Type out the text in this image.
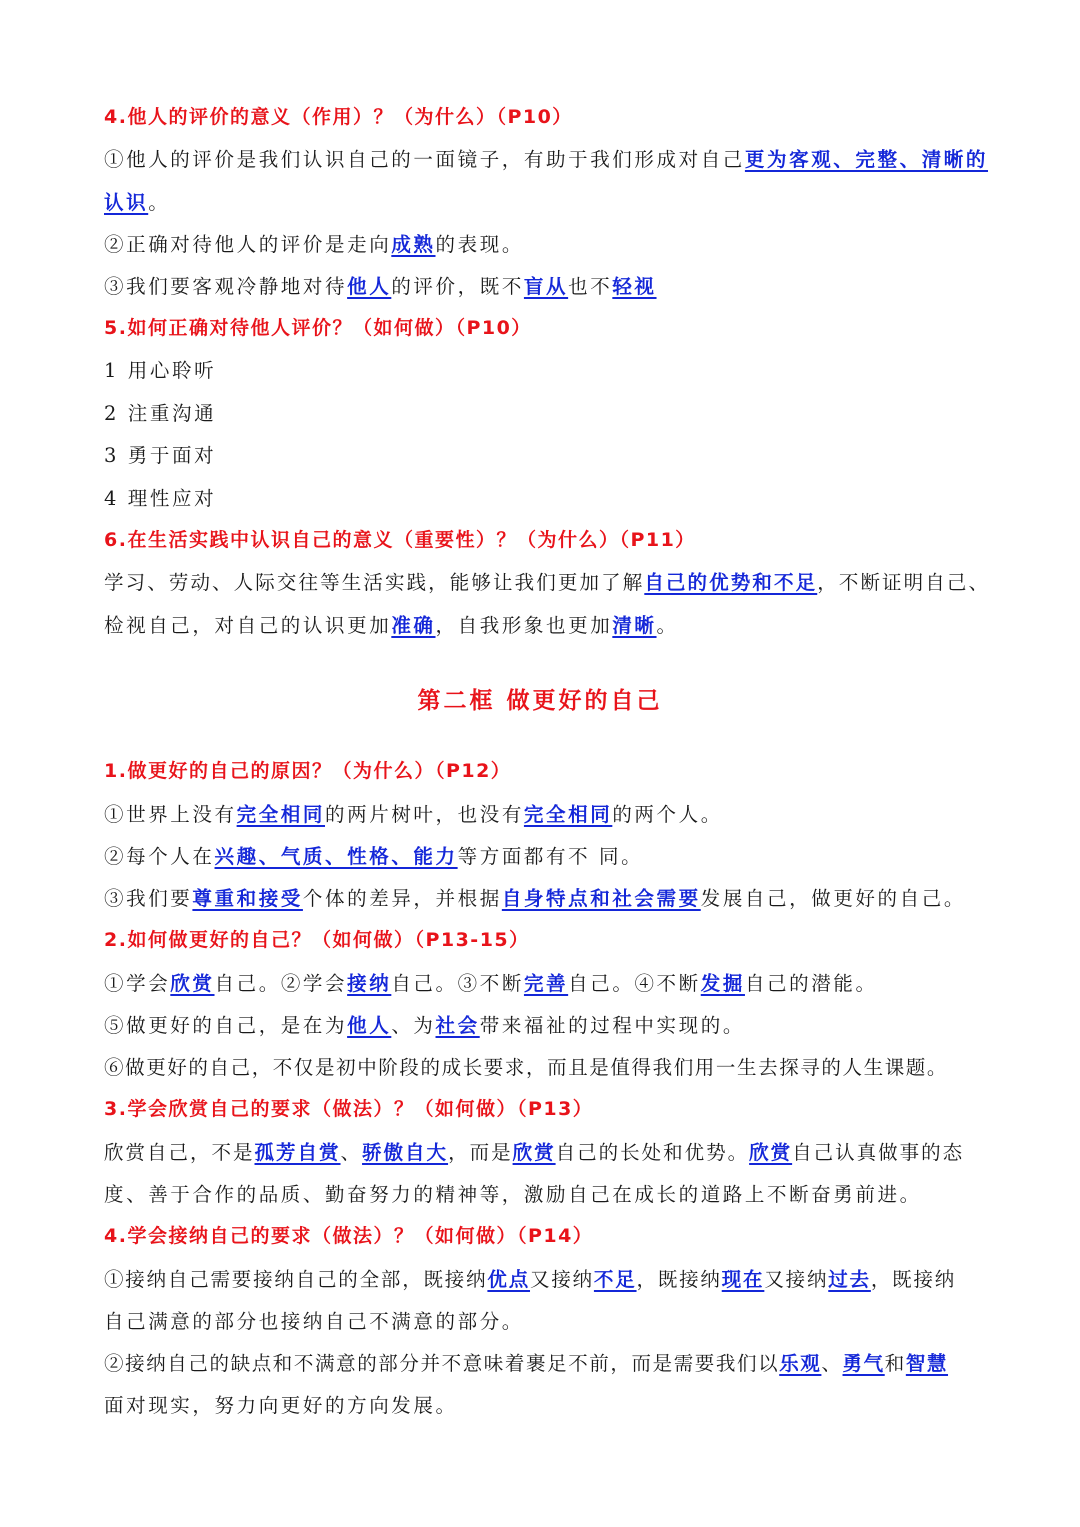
4.他人的评价的意义（作用）？（为什么）（P10）
①他人的评价是我们认识自己的一面镜子，有助于我们形成对自己更为客观、完整、清晰的
认识。
②正确对待他人的评价是走向成熟的表现。
③我们要客观冷静地对待他人的评价，既不盲从也不轻视
5.如何正确对待他人评价？（如何做）（P10）
1 用心聆听
2 注重沟通
3 勇于面对
4 理性应对
6.在生活实践中认识自己的意义（重要性）？（为什么）（P11）
学习、劳动、人际交往等生活实践，能够让我们更加了解自己的优势和不足，不断证明自己、
检视自己，对自己的认识更加准确，自我形象也更加清晰。
第二框 做更好的自己
1.做更好的自己的原因？（为什么）（P12）
①世界上没有完全相同的两片树叶，也没有完全相同的两个人。
②每个人在兴趣、气质、性格、能力等方面都有不 同。
③我们要尊重和接受个体的差异，并根据自身特点和社会需要发展自己，做更好的自己。
2.如何做更好的自己？（如何做）（P13-15）
①学会欣赏自己。②学会接纳自己。③不断完善自己。④不断发掘自己的潜能。
⑤做更好的自己，是在为他人、为社会带来福祉的过程中实现的。
⑥做更好的自己，不仅是初中阶段的成长要求，而且是值得我们用一生去探寻的人生课题。
3.学会欣赏自己的要求（做法）？（如何做）（P13）
欣赏自己，不是孤芳自赏、骄傲自大，而是欣赏自己的长处和优势。欣赏自己认真做事的态
度、善于合作的品质、勤奋努力的精神等，激励自己在成长的道路上不断奋勇前进。
4.学会接纳自己的要求（做法）？（如何做）（P14）
①接纳自己需要接纳自己的全部，既接纳优点又接纳不足，既接纳现在又接纳过去，既接纳
自己满意的部分也接纳自己不满意的部分。
②接纳自己的缺点和不满意的部分并不意味着裹足不前，而是需要我们以乐观、勇气和智慧
面对现实，努力向更好的方向发展。
